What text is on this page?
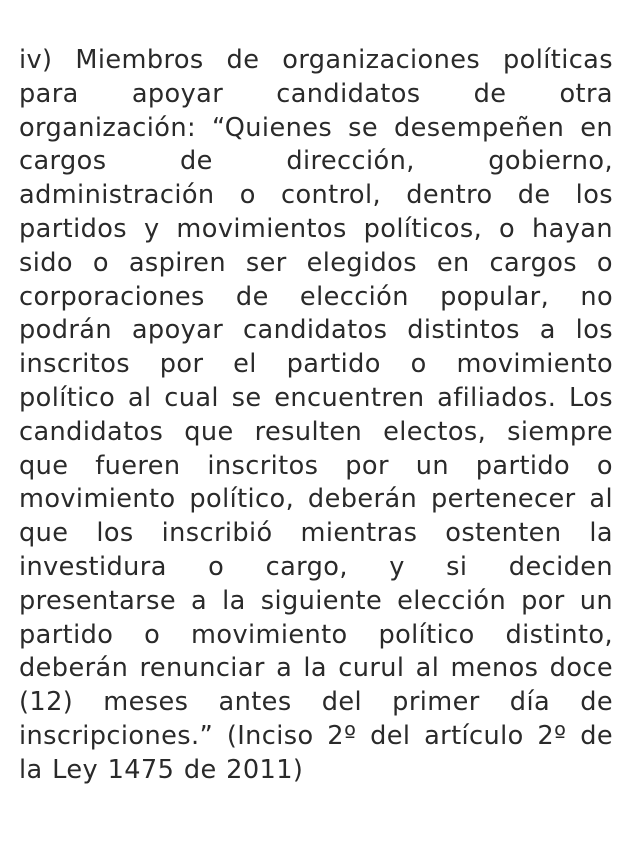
iv) Miembros de organizaciones políticas para apoyar candidatos de otra organización: “Quienes se desempeñen en cargos de dirección, gobierno, administración o control, dentro de los partidos y movimientos políticos, o hayan sido o aspiren ser elegidos en cargos o corporaciones de elección popular, no podrán apoyar candidatos distintos a los inscritos por el partido o movimiento político al cual se encuentren afiliados. Los candidatos que resulten electos, siempre que fueren inscritos por un partido o movimiento político, deberán pertenecer al que los inscribió mientras ostenten la investidura o cargo, y si deciden presentarse a la siguiente elección por un partido o movimiento político distinto, deberán renunciar a la curul al menos doce (12) meses antes del primer día de inscripciones.” (Inciso 2º del artículo 2º de la Ley 1475 de 2011)
